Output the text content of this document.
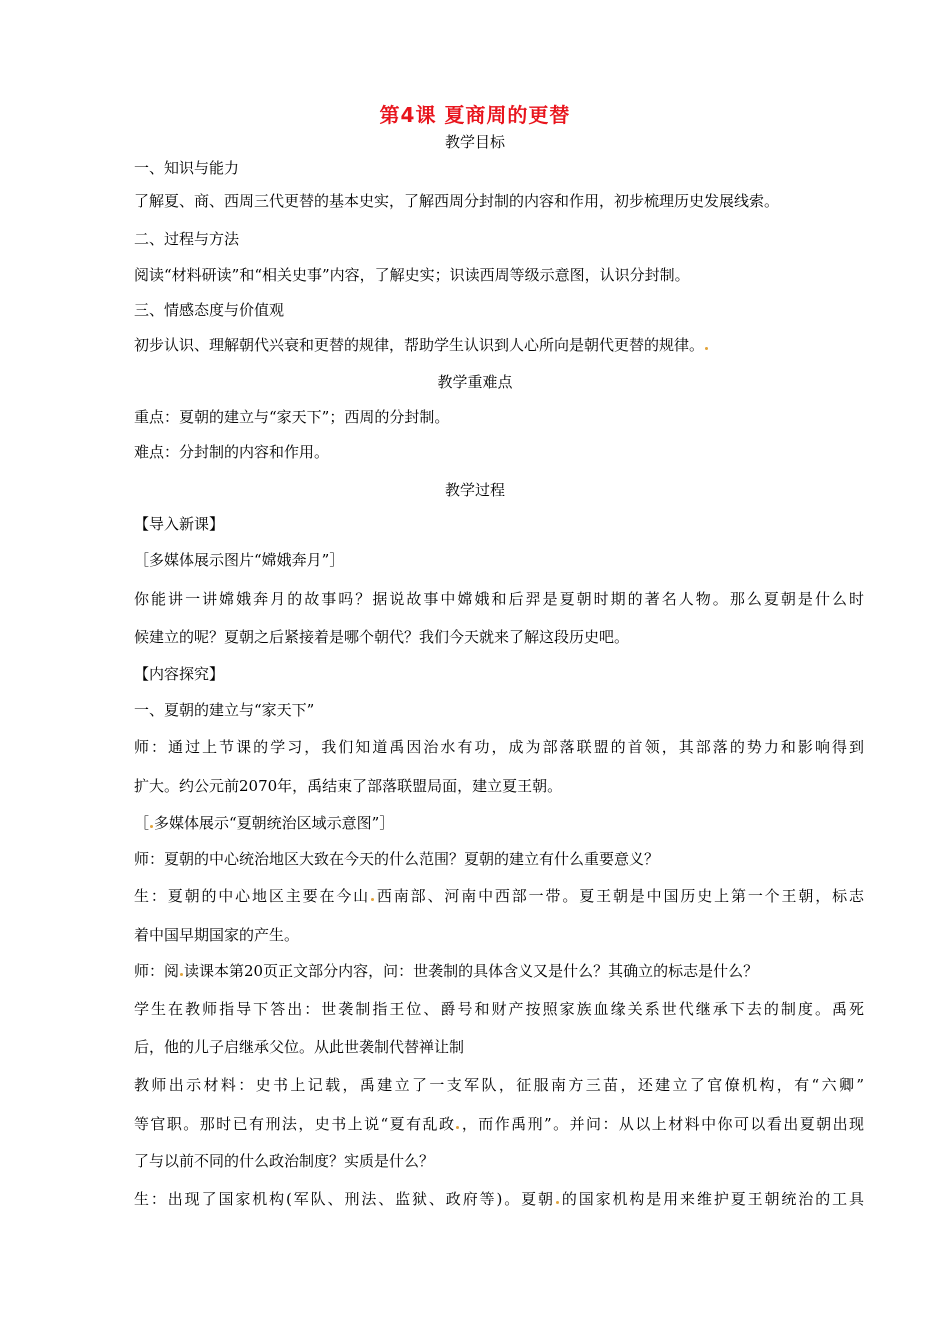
第4课 夏商周的更替
教学目标
一、知识与能力
了解夏、商、西周三代更替的基本史实，了解西周分封制的内容和作用，初步梳理历史发展线索。
二、过程与方法
阅读“材料研读”和“相关史事”内容，了解史实；识读西周等级示意图，认识分封制。
三、情感态度与价值观
初步认识、理解朝代兴衰和更替的规律，帮助学生认识到人心所向是朝代更替的规律。
教学重难点
重点：夏朝的建立与“家天下”；西周的分封制。
难点：分封制的内容和作用。
教学过程
【导入新课】
［多媒体展示图片“嫦娥奔月”］
你能讲一讲嫦娥奔月的故事吗？据说故事中嫦娥和后羿是夏朝时期的著名人物。那么夏朝是什么时
候建立的呢？夏朝之后紧接着是哪个朝代？我们今天就来了解这段历史吧。
【内容探究】
一、夏朝的建立与“家天下”
师：通过上节课的学习，我们知道禹因治水有功，成为部落联盟的首领，其部落的势力和影响得到
扩大。约公元前2070年，禹结束了部落联盟局面，建立夏王朝。
［ 多媒体展示“夏朝统治区域示意图”］
师：夏朝的中心统治地区大致在今天的什么范围？夏朝的建立有什么重要意义？
生：夏朝的中心地区主要在今山 西南部、河南中西部一带。夏王朝是中国历史上第一个王朝，标志
着中国早期国家的产生。
师：阅 读课本第20页正文部分内容，问：世袭制的具体含义又是什么？其确立的标志是什么？
学生在教师指导下答出：世袭制指王位、爵号和财产按照家族血缘关系世代继承下去的制度。禹死
后，他的儿子启继承父位。从此世袭制代替禅让制
教师出示材料：史书上记载，禹建立了一支军队，征服南方三苗，还建立了官僚机构，有“六卿”
等官职。那时已有刑法，史书上说“夏有乱政 ，而作禹刑”。并问：从以上材料中你可以看出夏朝出现
了与以前不同的什么政治制度？实质是什么？
生：出现了国家机构(军队、刑法、监狱、政府等)。夏朝 的国家机构是用来维护夏王朝统治的工具
